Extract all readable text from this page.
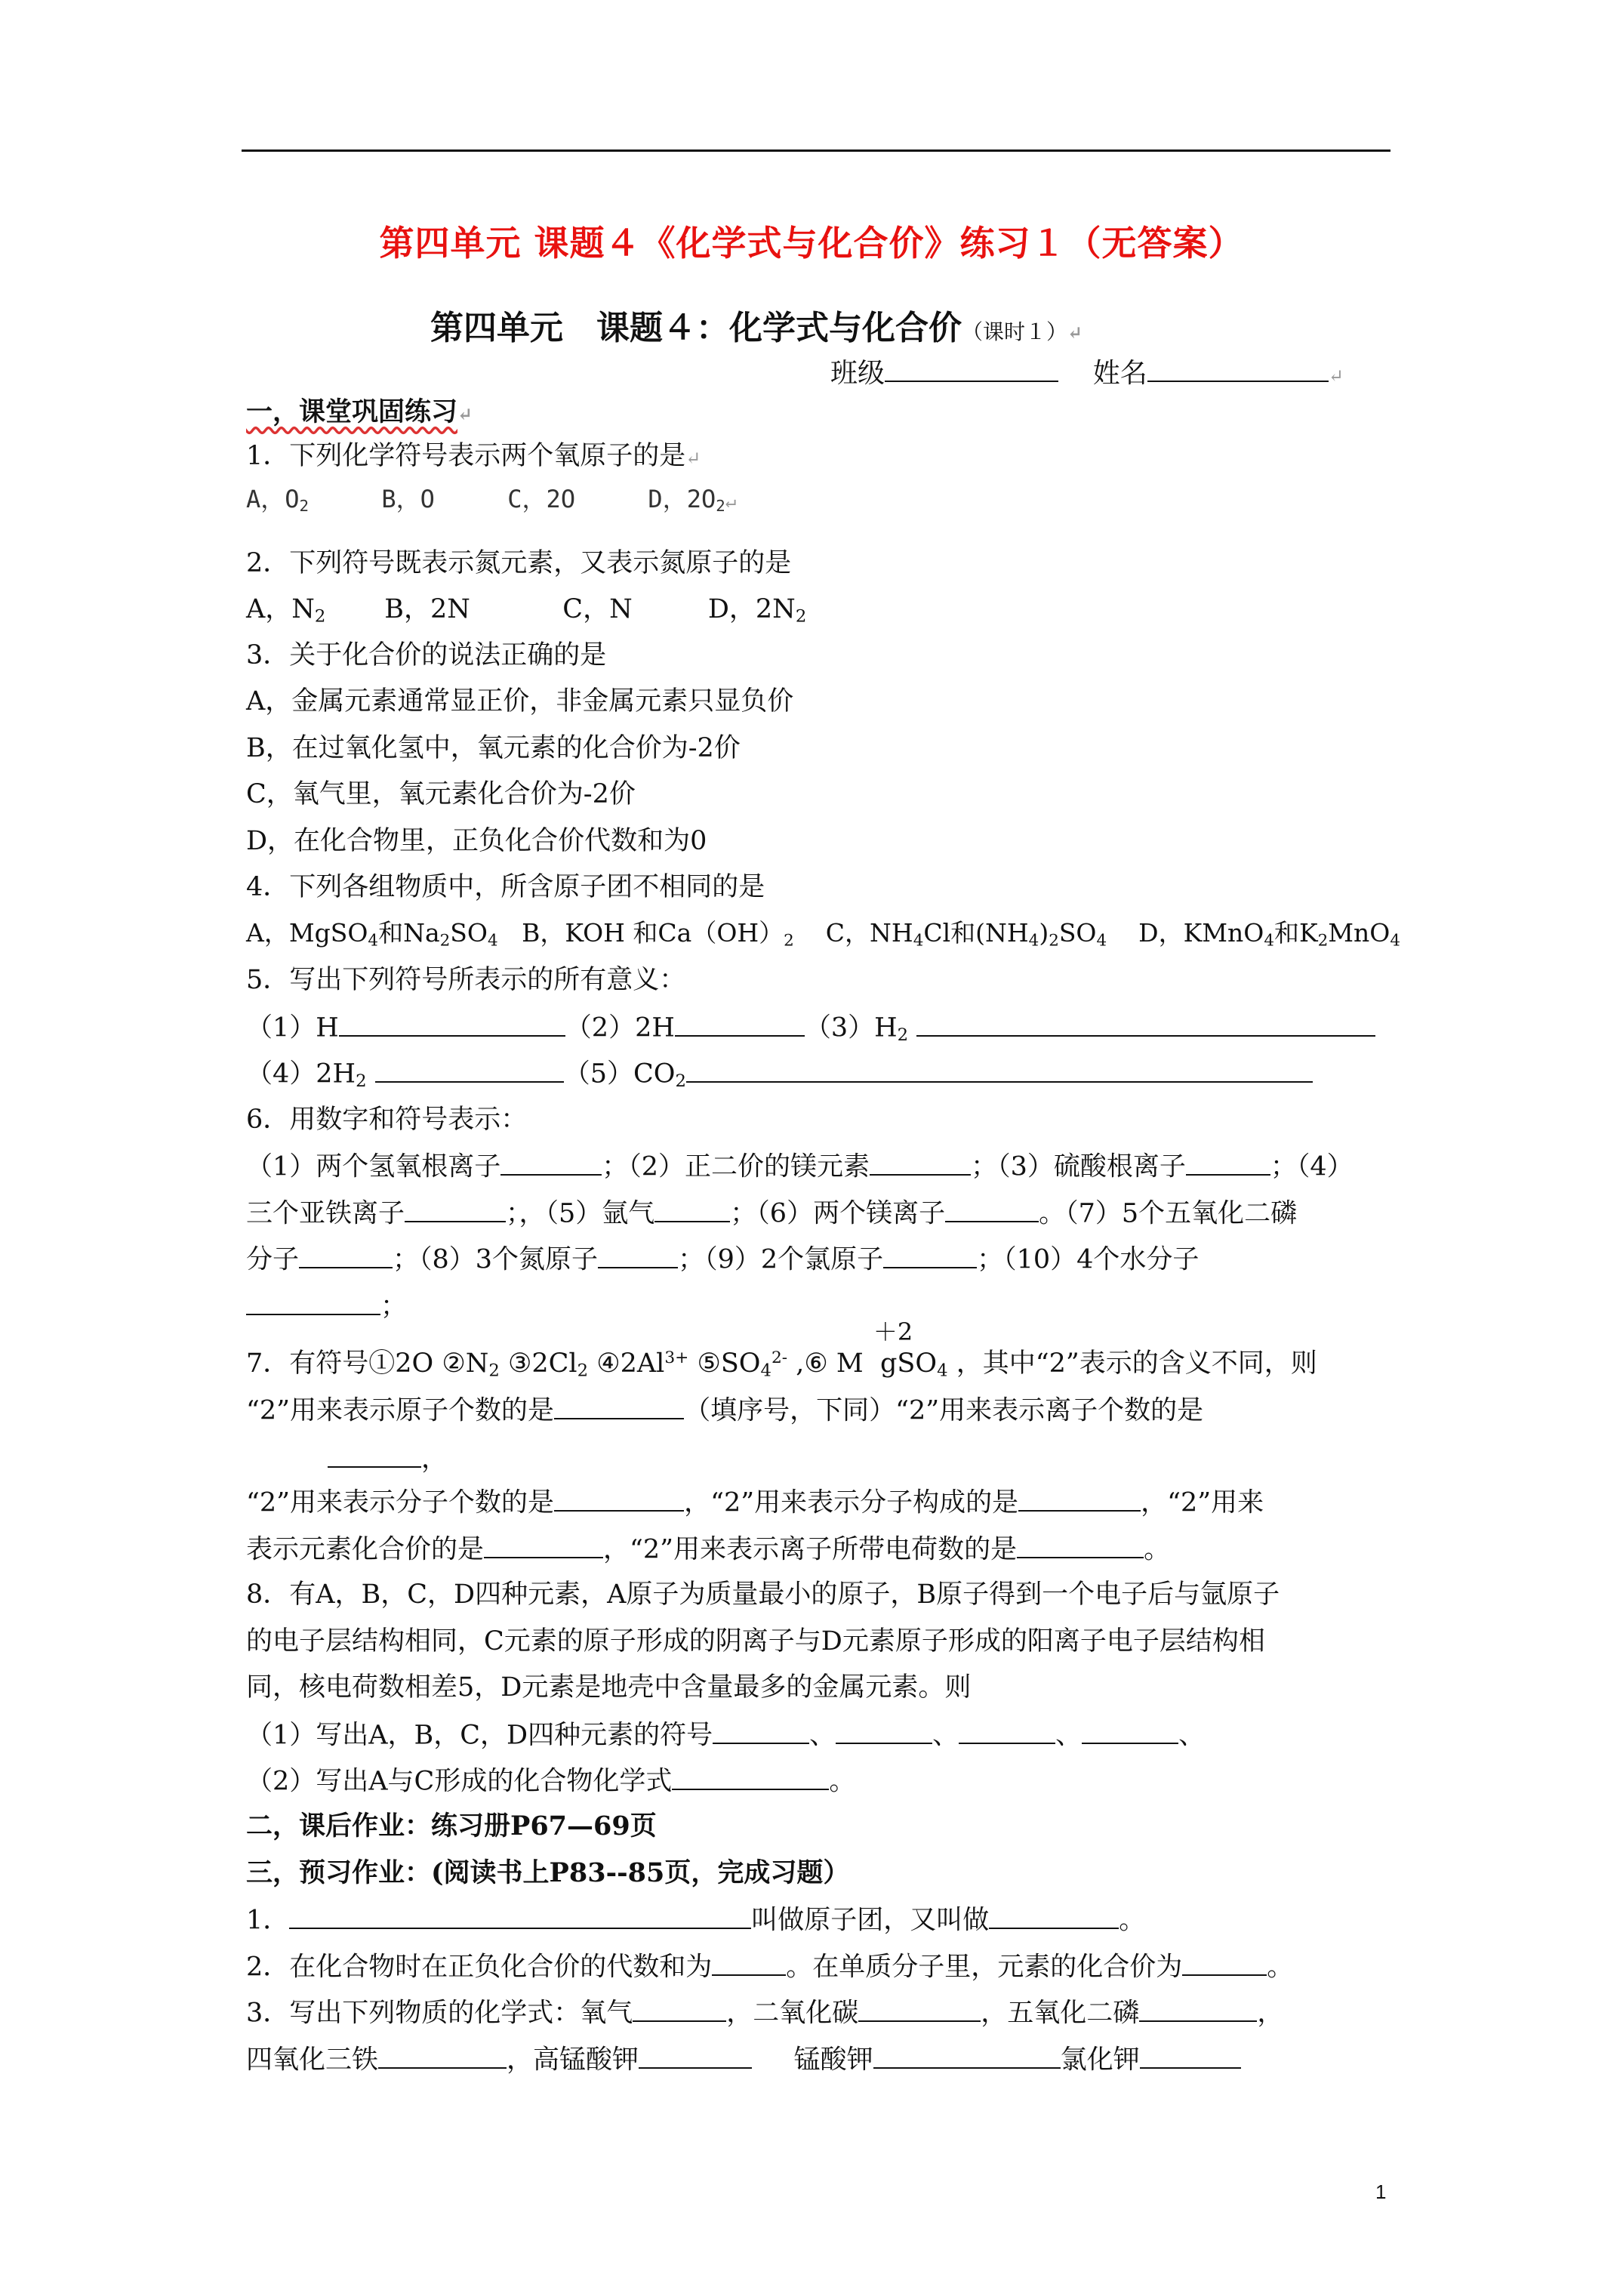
第四单元 课题４《化学式与化合价》练习１（无答案）
第四单元　课题４：化学式与化合价（课时１）↵
班级	姓名	↵
一，课堂巩固练习↵
1．下列化学符号表示两个氧原子的是↵
A，$O_2$	B，O	C，2O	D，$2O_2↵$
2．下列符号既表示氮元素，又表示氮原子的是
A，$N_2$ B，2N	C，N	D，$2N_2$
3．关于化合价的说法正确的是
A，金属元素通常显正价，非金属元素只显负价
B，在过氧化氢中，氧元素的化合价为-2价
C，氧气里，氧元素化合价为-2价
D，在化合物里，正负化合价代数和为0
4．下列各组物质中，所含原子团不相同的是
A，MgSO$_4$和$Na_2SO_4$ B，KOH 和$Ca(OH)_2$ C，$NH_4Cl$和$(NH_4)_2SO_4$ D，KMnO$_4$和$K_2MnO_4$
5．写出下列符号所表示的所有意义：
（1）H	（2）2H	$(3)H_2$
$(4)2H_2$	$(5)CO_2$
6．用数字和符号表示：
（1）两个氢氧根离子	；（2）正二价的镁元素	；（3）硫酸根离子	；（4）
三个亚铁离子	；，（5）氩气	；（6）两个镁离子	。（7）5个五氧化二磷
分子	；（8）3个氮原子	；（9）2个氯原子	；（10）4个水分子
；
7．有符号①2O $②N_2$ $③2Cl_2$ $④2Al^{3+}$ $⑤SO_4^{2-}$ ,⑥ M
＋2
gSO$_4$ ，其中“2”表示的含义不同，则
“2”用来表示原子个数的是	（填序号，下同）“2”用来表示离子个数的是
，
“2”用来表示分子个数的是	，“2”用来表示分子构成的是	，“2”用来
表示元素化合价的是	，“2”用来表示离子所带电荷数的是	。
8．有A，B，C，D四种元素，A原子为质量最小的原子，B原子得到一个电子后与氩原子
的电子层结构相同，C元素的原子形成的阴离子与D元素原子形成的阳离子电子层结构相
同，核电荷数相差5，D元素是地壳中含量最多的金属元素。则
（1）写出A，B，C，D四种元素的符号	、	、	、	、
（2）写出A与C形成的化合物化学式	。
二，课后作业：练习册P67—69页
三，预习作业：(阅读书上P83--85页，完成习题）
1．	叫做原子团，又叫做	。
2．在化合物时在正负化合价的代数和为	。在单质分子里，元素的化合价为	。
3．写出下列物质的化学式：氧气	，二氧化碳	，五氧化二磷	，
四氧化三铁	，高锰酸钾	锰酸钾	氯化钾
1
